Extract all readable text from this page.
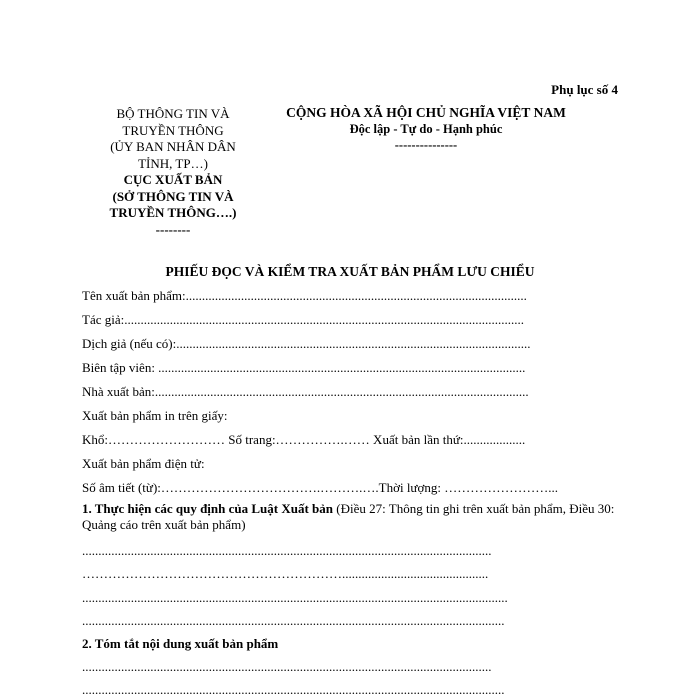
Phụ lục số 4
BỘ THÔNG TIN VÀ
TRUYỀN THÔNG
(ỦY BAN NHÂN DÂN
TỈNH, TP…)
CỤC XUẤT BẢN
(SỞ THÔNG TIN VÀ
TRUYỀN THÔNG….)
--------
CỘNG HÒA XÃ HỘI CHỦ NGHĨA VIỆT NAM
Độc lập - Tự do - Hạnh phúc
---------------
PHIẾU ĐỌC VÀ KIỂM TRA XUẤT BẢN PHẨM LƯU CHIỂU
Tên xuất bản phẩm:.........................................................................................................
Tác giả:...........................................................................................................................
Dịch giả (nếu có):.............................................................................................................
Biên tập viên: .................................................................................................................
Nhà xuất bản:...................................................................................................................
Xuất bản phẩm in trên giấy:
Khổ:……………………… Số trang:…………….…… Xuất bản lần thứ:...................
Xuất bản phẩm điện tử:
Số âm tiết (từ):……………………………….……….….Thời lượng: ……………………...
1. Thực hiện các quy định của Luật Xuất bản (Điều 27: Thông tin ghi trên xuất bản phẩm, Điều 30: Quảng cáo trên xuất bản phẩm)
..............................................................................................................................
…………………………………………………….............................................
...................................................................................................................................
..................................................................................................................................
2. Tóm tắt nội dung xuất bản phẩm
..............................................................................................................................
..................................................................................................................................
